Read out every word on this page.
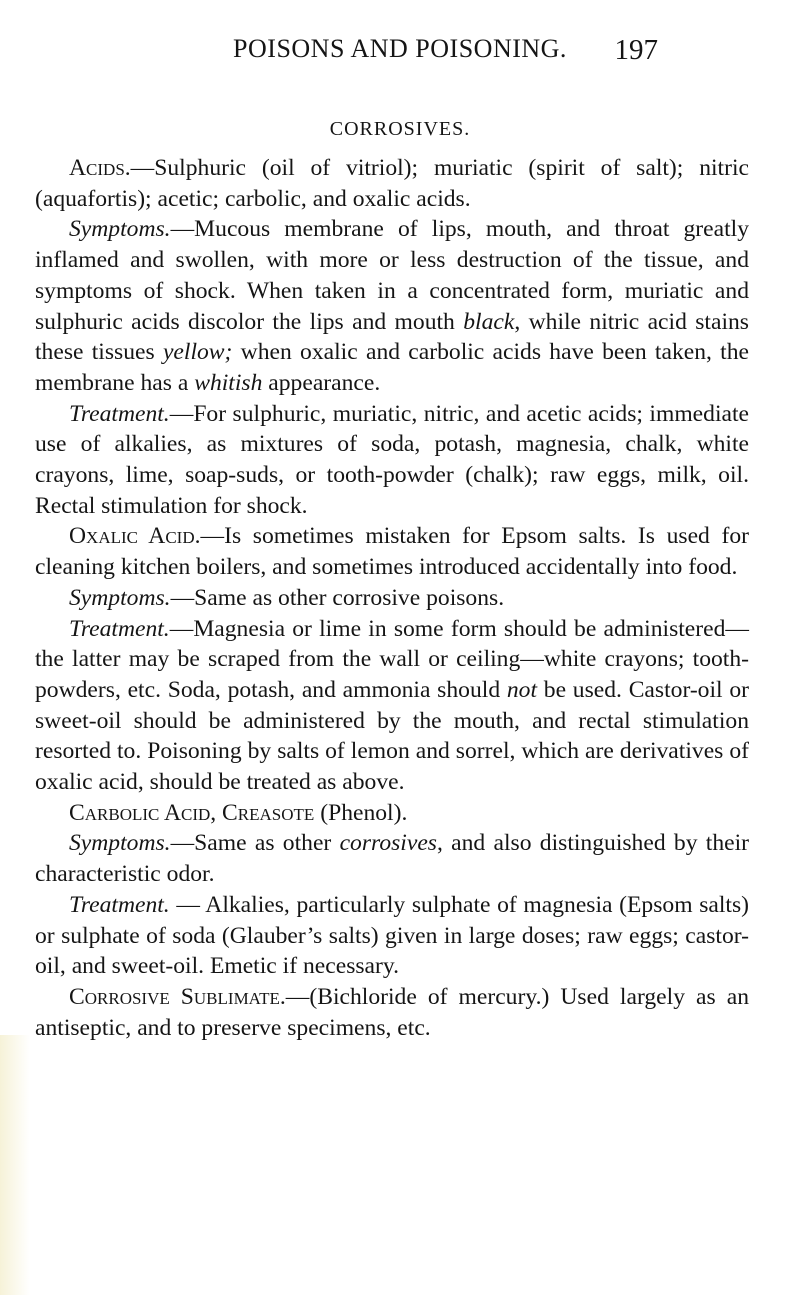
POISONS AND POISONING.	197
CORROSIVES.

Acids.—Sulphuric (oil of vitriol); muriatic (spirit of salt); nitric (aquafortis); acetic; carbolic, and oxalic acids.

Symptoms.—Mucous membrane of lips, mouth, and throat greatly inflamed and swollen, with more or less destruction of the tissue, and symptoms of shock. When taken in a concentrated form, muriatic and sulphuric acids discolor the lips and mouth black, while nitric acid stains these tissues yellow; when oxalic and carbolic acids have been taken, the membrane has a whitish appearance.

Treatment.—For sulphuric, muriatic, nitric, and acetic acids; immediate use of alkalies, as mixtures of soda, potash, magnesia, chalk, white crayons, lime, soap-suds, or tooth-powder (chalk); raw eggs, milk, oil. Rectal stimulation for shock.

Oxalic Acid.—Is sometimes mistaken for Epsom salts. Is used for cleaning kitchen boilers, and sometimes introduced accidentally into food.

Symptoms.—Same as other corrosive poisons.

Treatment.—Magnesia or lime in some form should be administered—the latter may be scraped from the wall or ceiling—white crayons; tooth-powders, etc. Soda, potash, and ammonia should not be used. Castor-oil or sweet-oil should be administered by the mouth, and rectal stimulation resorted to. Poisoning by salts of lemon and sorrel, which are derivatives of oxalic acid, should be treated as above.

Carbolic Acid, Creasote (Phenol).

Symptoms.—Same as other corrosives, and also distinguished by their characteristic odor.

Treatment. — Alkalies, particularly sulphate of magnesia (Epsom salts) or sulphate of soda (Glauber’s salts) given in large doses; raw eggs; castor-oil, and sweet-oil. Emetic if necessary.

Corrosive Sublimate.—(Bichloride of mercury.) Used largely as an antiseptic, and to preserve specimens, etc.
